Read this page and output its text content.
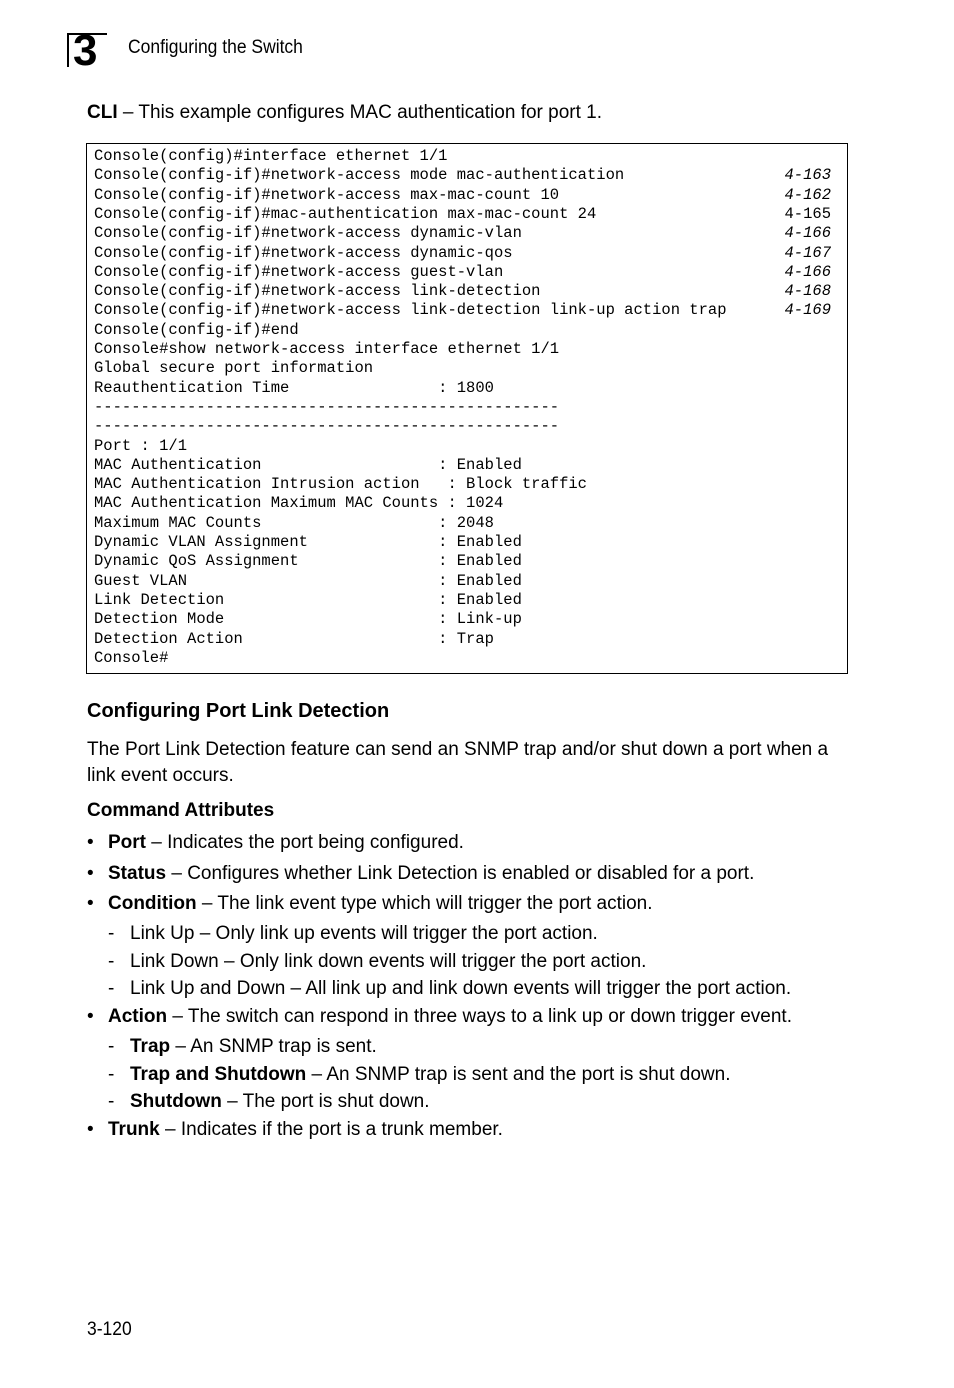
3 Configuring the Switch
CLI – This example configures MAC authentication for port 1.
Console(config)#interface ethernet 1/1
Console(config-if)#network-access mode mac-authentication	4-163
Console(config-if)#network-access max-mac-count 10	4-162
Console(config-if)#mac-authentication max-mac-count 24	4-165
Console(config-if)#network-access dynamic-vlan	4-166
Console(config-if)#network-access dynamic-qos	4-167
Console(config-if)#network-access guest-vlan	4-166
Console(config-if)#network-access link-detection	4-168
Console(config-if)#network-access link-detection link-up action trap	4-169
Console(config-if)#end
Console#show network-access interface ethernet 1/1
Global secure port information
Reauthentication Time                : 1800
--------------------------------------------------
--------------------------------------------------
Port : 1/1
MAC Authentication                   : Enabled
MAC Authentication Intrusion action   : Block traffic
MAC Authentication Maximum MAC Counts : 1024
Maximum MAC Counts                   : 2048
Dynamic VLAN Assignment              : Enabled
Dynamic QoS Assignment               : Enabled
Guest VLAN                           : Enabled
Link Detection                       : Enabled
Detection Mode                       : Link-up
Detection Action                     : Trap
Console#
Configuring Port Link Detection
The Port Link Detection feature can send an SNMP trap and/or shut down a port when a link event occurs.
Command Attributes
• Port – Indicates the port being configured.
• Status – Configures whether Link Detection is enabled or disabled for a port.
• Condition – The link event type which will trigger the port action.
- Link Up – Only link up events will trigger the port action.
- Link Down – Only link down events will trigger the port action.
- Link Up and Down – All link up and link down events will trigger the port action.
• Action – The switch can respond in three ways to a link up or down trigger event.
- Trap – An SNMP trap is sent.
- Trap and Shutdown – An SNMP trap is sent and the port is shut down.
- Shutdown – The port is shut down.
• Trunk – Indicates if the port is a trunk member.
3-120
